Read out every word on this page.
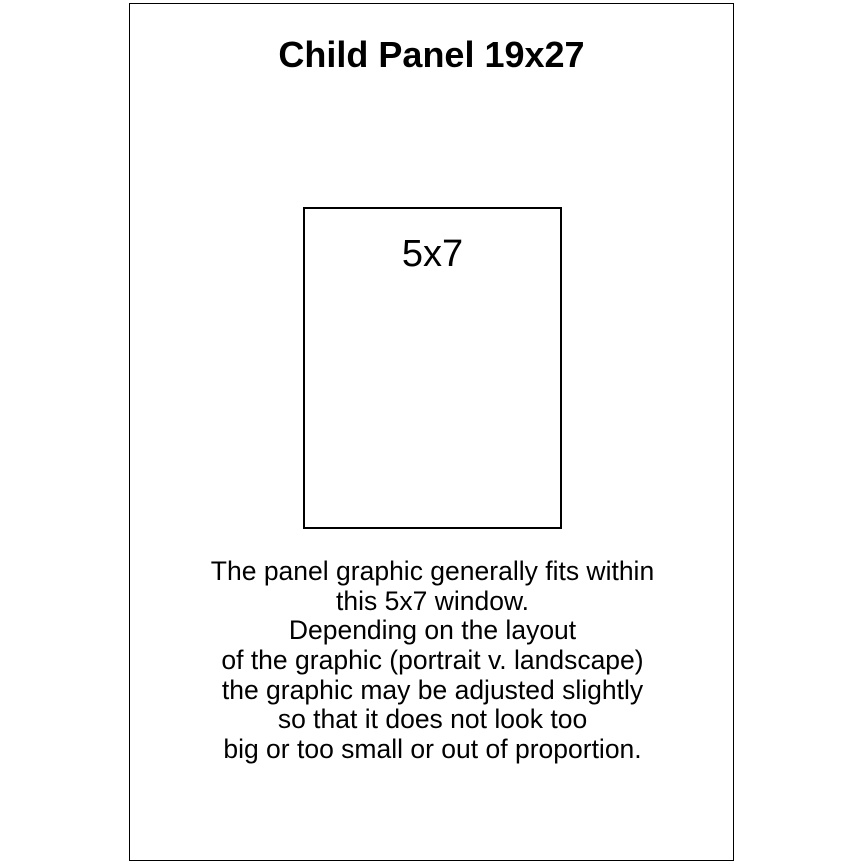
Child Panel 19x27
5x7
The panel graphic generally fits within
this 5x7 window.
Depending on the layout
of the graphic (portrait v. landscape)
the graphic may be adjusted slightly
so that it does not look too
big or too small or out of proportion.
